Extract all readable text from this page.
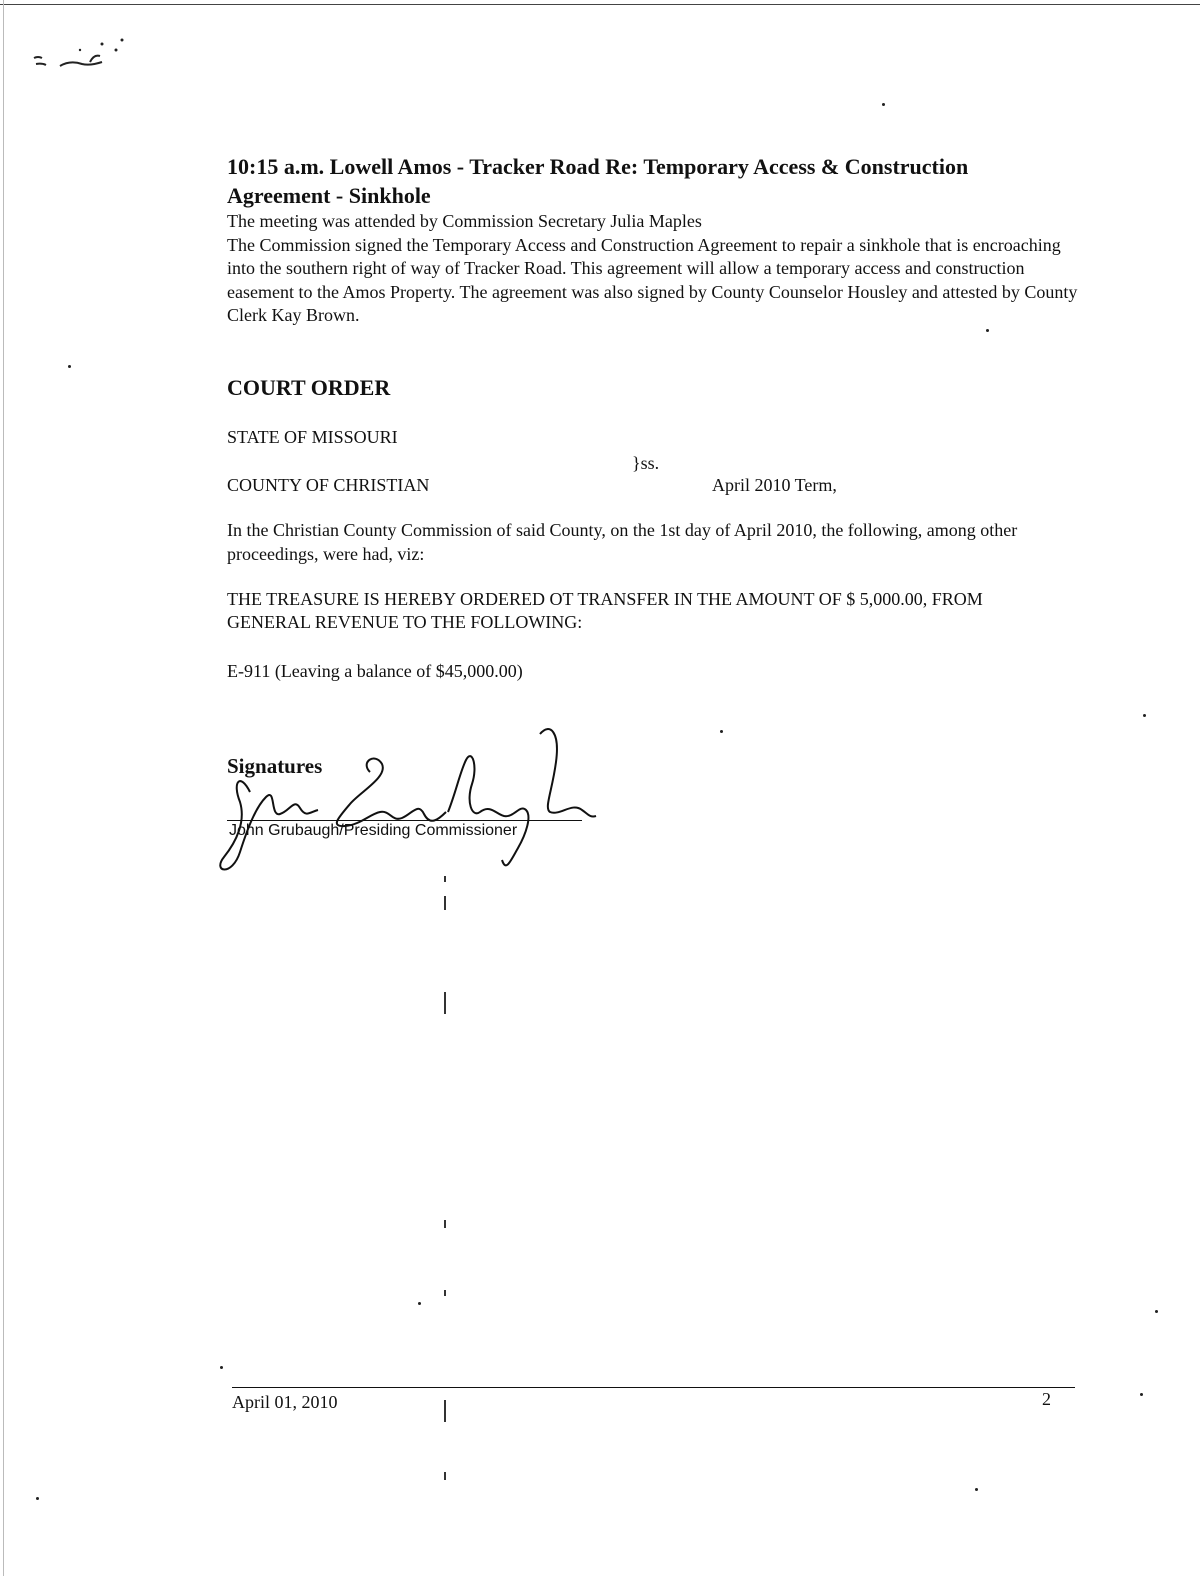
10:15 a.m. Lowell Amos - Tracker Road Re: Temporary Access & Construction
Agreement - Sinkhole
The meeting was attended by Commission Secretary Julia Maples
The Commission signed the Temporary Access and Construction Agreement to repair a sinkhole that is encroaching into the southern right of way of Tracker Road. This agreement will allow a temporary access and construction easement to the Amos Property. The agreement was also signed by County Counselor Housley and attested by County Clerk Kay Brown.
COURT ORDER
STATE OF MISSOURI
}ss.
COUNTY OF CHRISTIAN	April 2010 Term,
In the Christian County Commission of said County, on the 1st day of April 2010, the following, among other proceedings, were had, viz:
THE TREASURE IS HEREBY ORDERED OT TRANSFER IN THE AMOUNT OF $ 5,000.00, FROM
GENERAL REVENUE TO THE FOLLOWING:
E-911 (Leaving a balance of $45,000.00)
Signatures
John Grubaugh/Presiding Commissioner
April 01, 2010	2
